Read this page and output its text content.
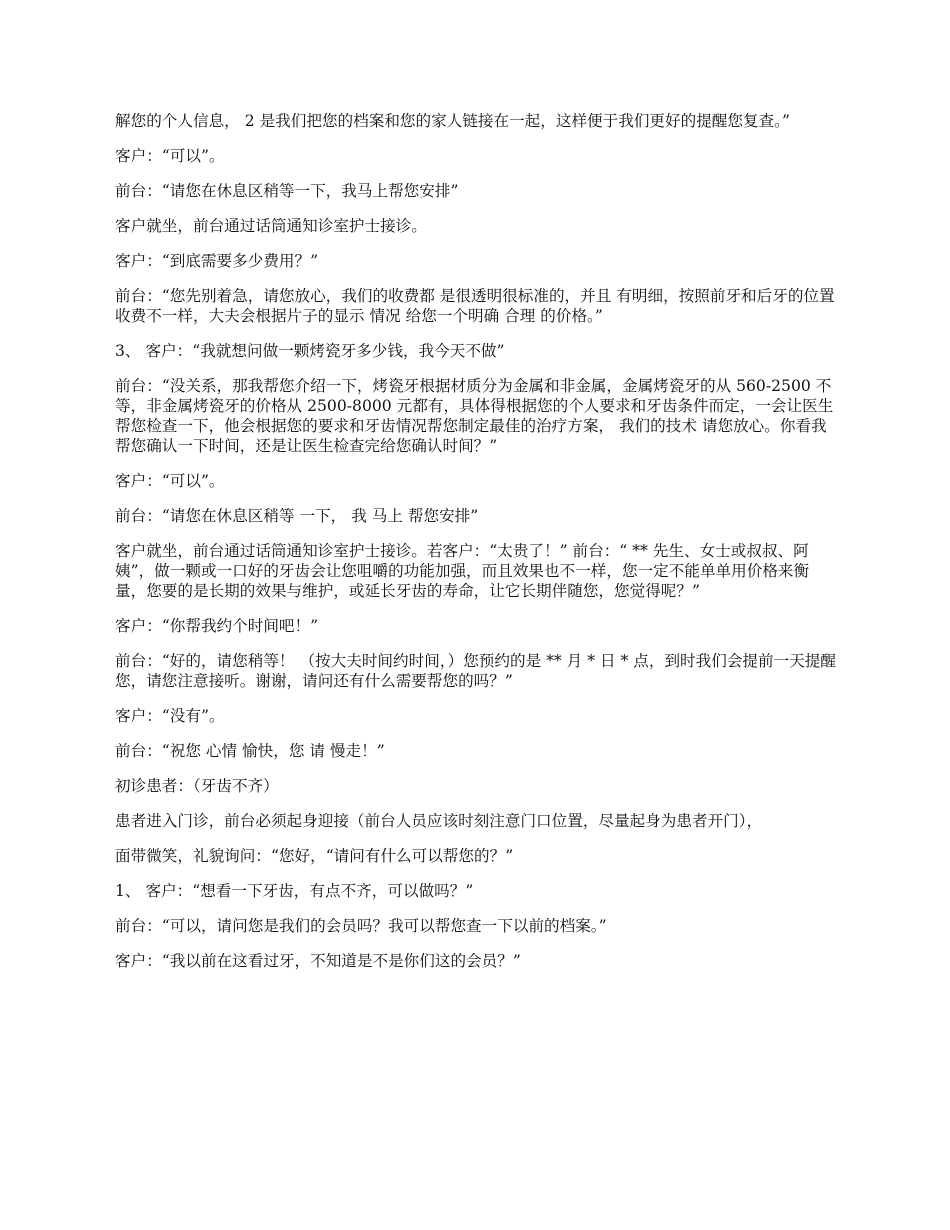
解您的个人信息， 2 是我们把您的档案和您的家人链接在一起，这样便于我们更好的提醒您复查。”

客户：“可以”。

前台：“请您在休息区稍等一下，我马上帮您安排”

客户就坐，前台通过话筒通知诊室护士接诊。

客户：“到底需要多少费用？”

前台：“您先别着急，请您放心，我们的收费都 是很透明很标准的，并且 有明细，按照前牙和后牙的位置收费不一样，大夫会根据片子的显示 情况 给您一个明确 合理 的价格。”

3、 客户：“我就想问做一颗烤瓷牙多少钱，我今天不做”

前台：“没关系，那我帮您介绍一下，烤瓷牙根据材质分为金属和非金属，金属烤瓷牙的从 560-2500 不等，非金属烤瓷牙的价格从 2500-8000 元都有，具体得根据您的个人要求和牙齿条件而定，一会让医生帮您检查一下，他会根据您的要求和牙齿情况帮您制定最佳的治疗方案， 我们的技术 请您放心。你看我帮您确认一下时间，还是让医生检查完给您确认时间？”

客户：“可以”。

前台：“请您在休息区稍等 一下， 我 马上 帮您安排”

客户就坐，前台通过话筒通知诊室护士接诊。若客户：“太贵了！” 前台：“ ** 先生、女士或叔叔、阿姨”，做一颗或一口好的牙齿会让您咀嚼的功能加强，而且效果也不一样，您一定不能单单用价格来衡量，您要的是长期的效果与维护，或延长牙齿的寿命，让它长期伴随您，您觉得呢？”

客户：“你帮我约个时间吧！”

前台：“好的，请您稍等！ （按大夫时间约时间，）您预约的是 ** 月 * 日 * 点，到时我们会提前一天提醒您，请您注意接听。谢谢，请问还有什么需要帮您的吗？”

客户：“没有”。

前台：“祝您 心情 愉快，您 请 慢走！”

初诊患者：（牙齿不齐）

患者进入门诊，前台必须起身迎接（前台人员应该时刻注意门口位置，尽量起身为患者开门），

面带微笑，礼貌询问：“您好，“请问有什么可以帮您的？”

1、 客户：“想看一下牙齿，有点不齐，可以做吗？”

前台：“可以，请问您是我们的会员吗？我可以帮您查一下以前的档案。”

客户：“我以前在这看过牙，不知道是不是你们这的会员？”
